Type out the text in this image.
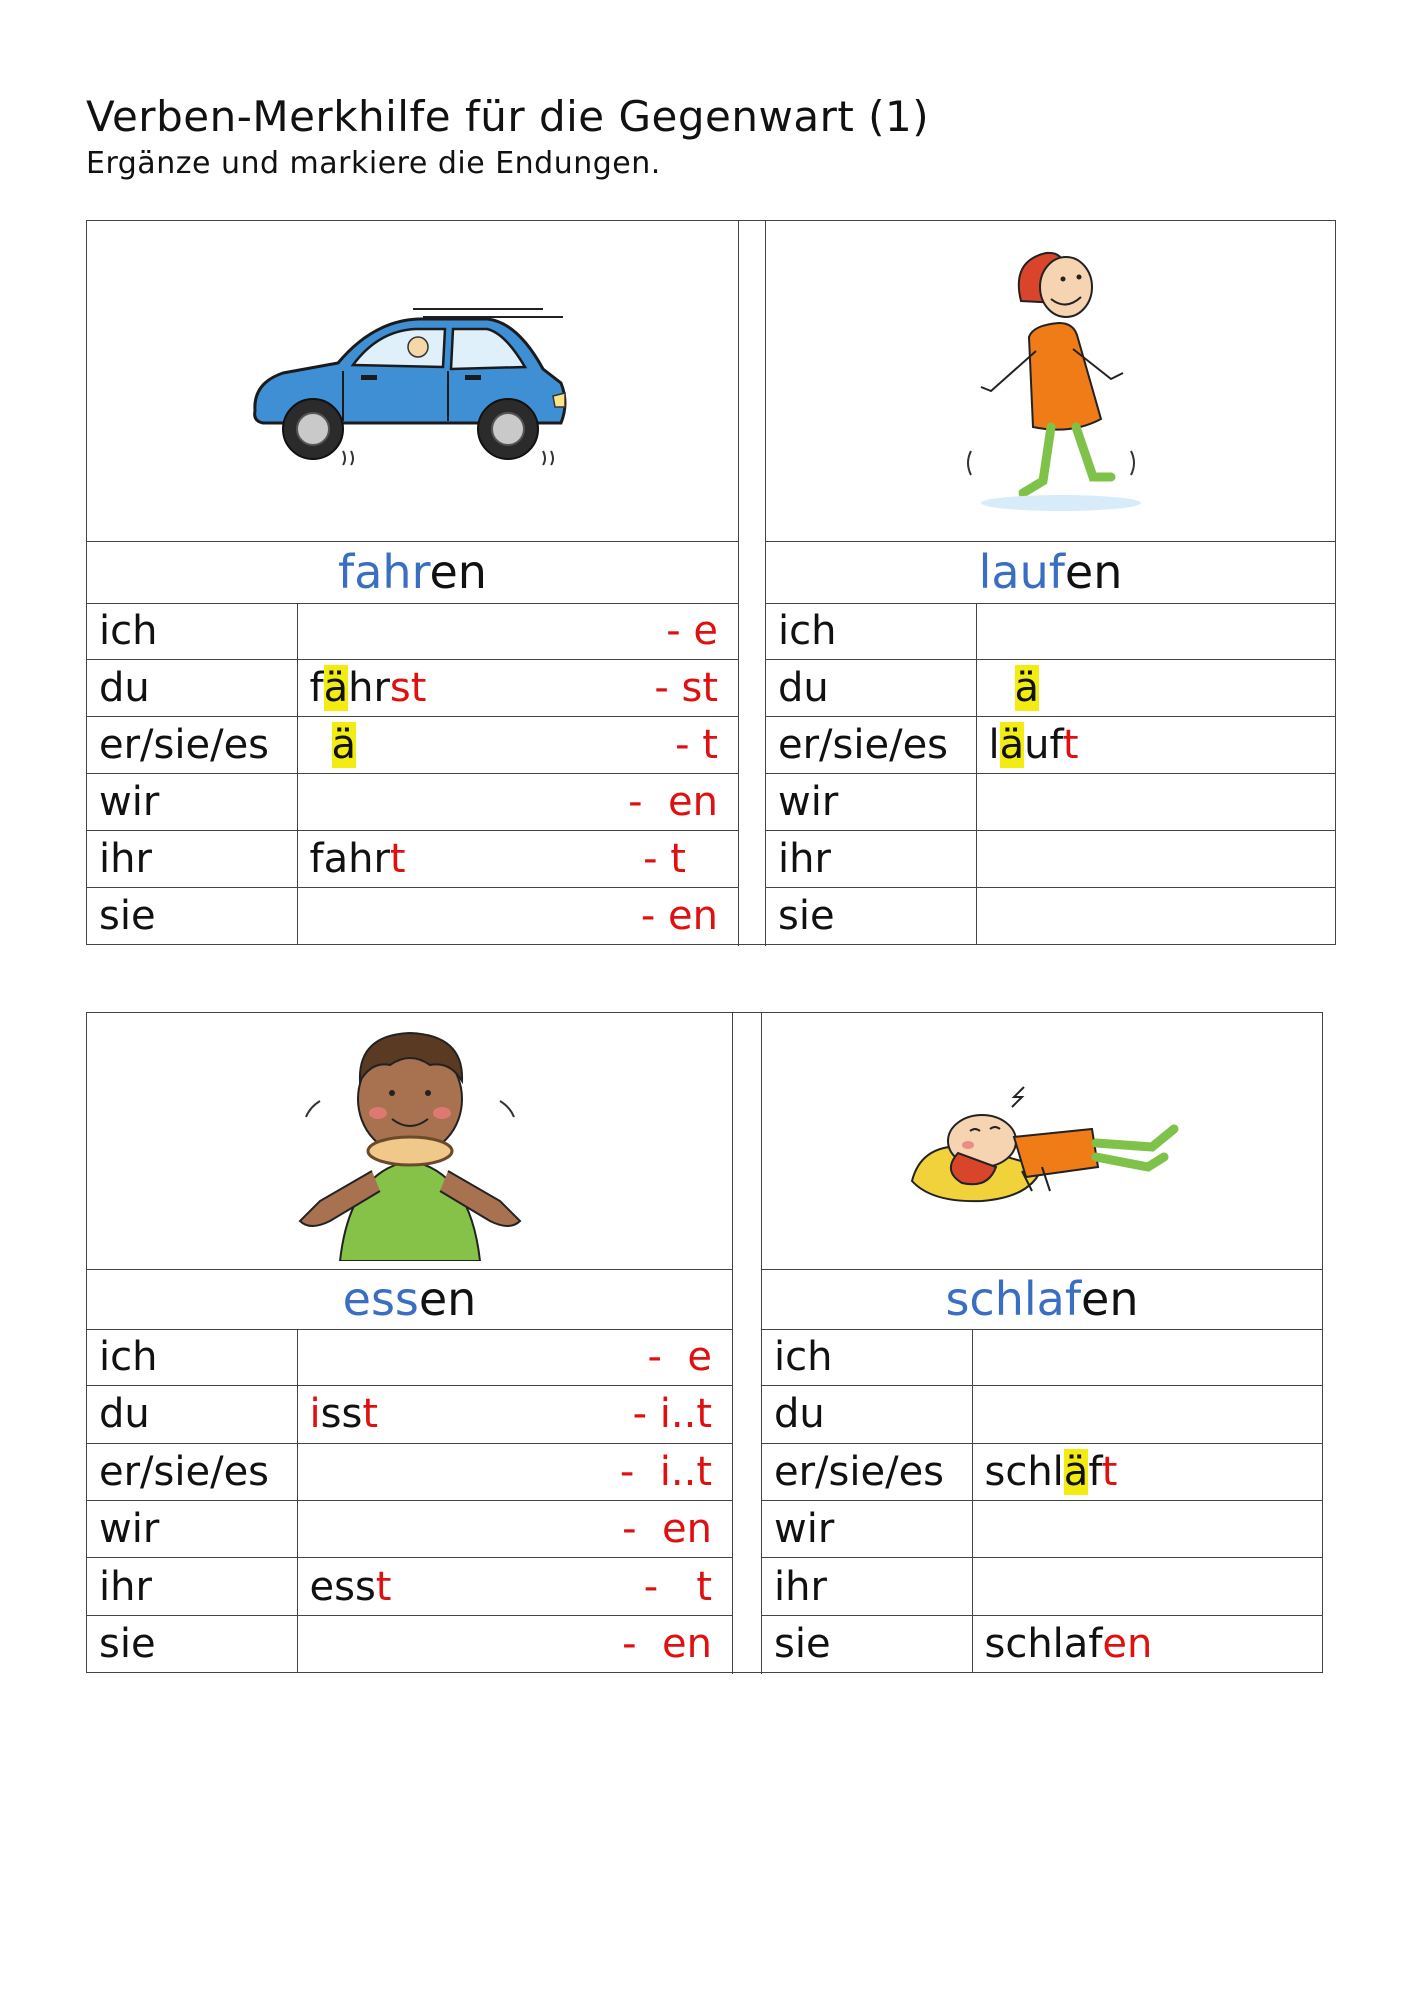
Verben-Merkhilfe für die Gegenwart (1)
Ergänze und markiere die Endungen.
fahren
ich	- e

du	fährst - st

er/sie/es	ä - t

wir	-  en

ihr	fahrt - t

sie	- en
laufen
ich	
du	ä

er/sie/es	läuft

wir	
ihr	
sie	
essen
ich	-  e

du	isst - i..t

er/sie/es	-  i..t

wir	-  en

ihr	esst -   t

sie	-  en
schlafen
ich	
du	
er/sie/es	schläft

wir	
ihr	
sie	schlafen
